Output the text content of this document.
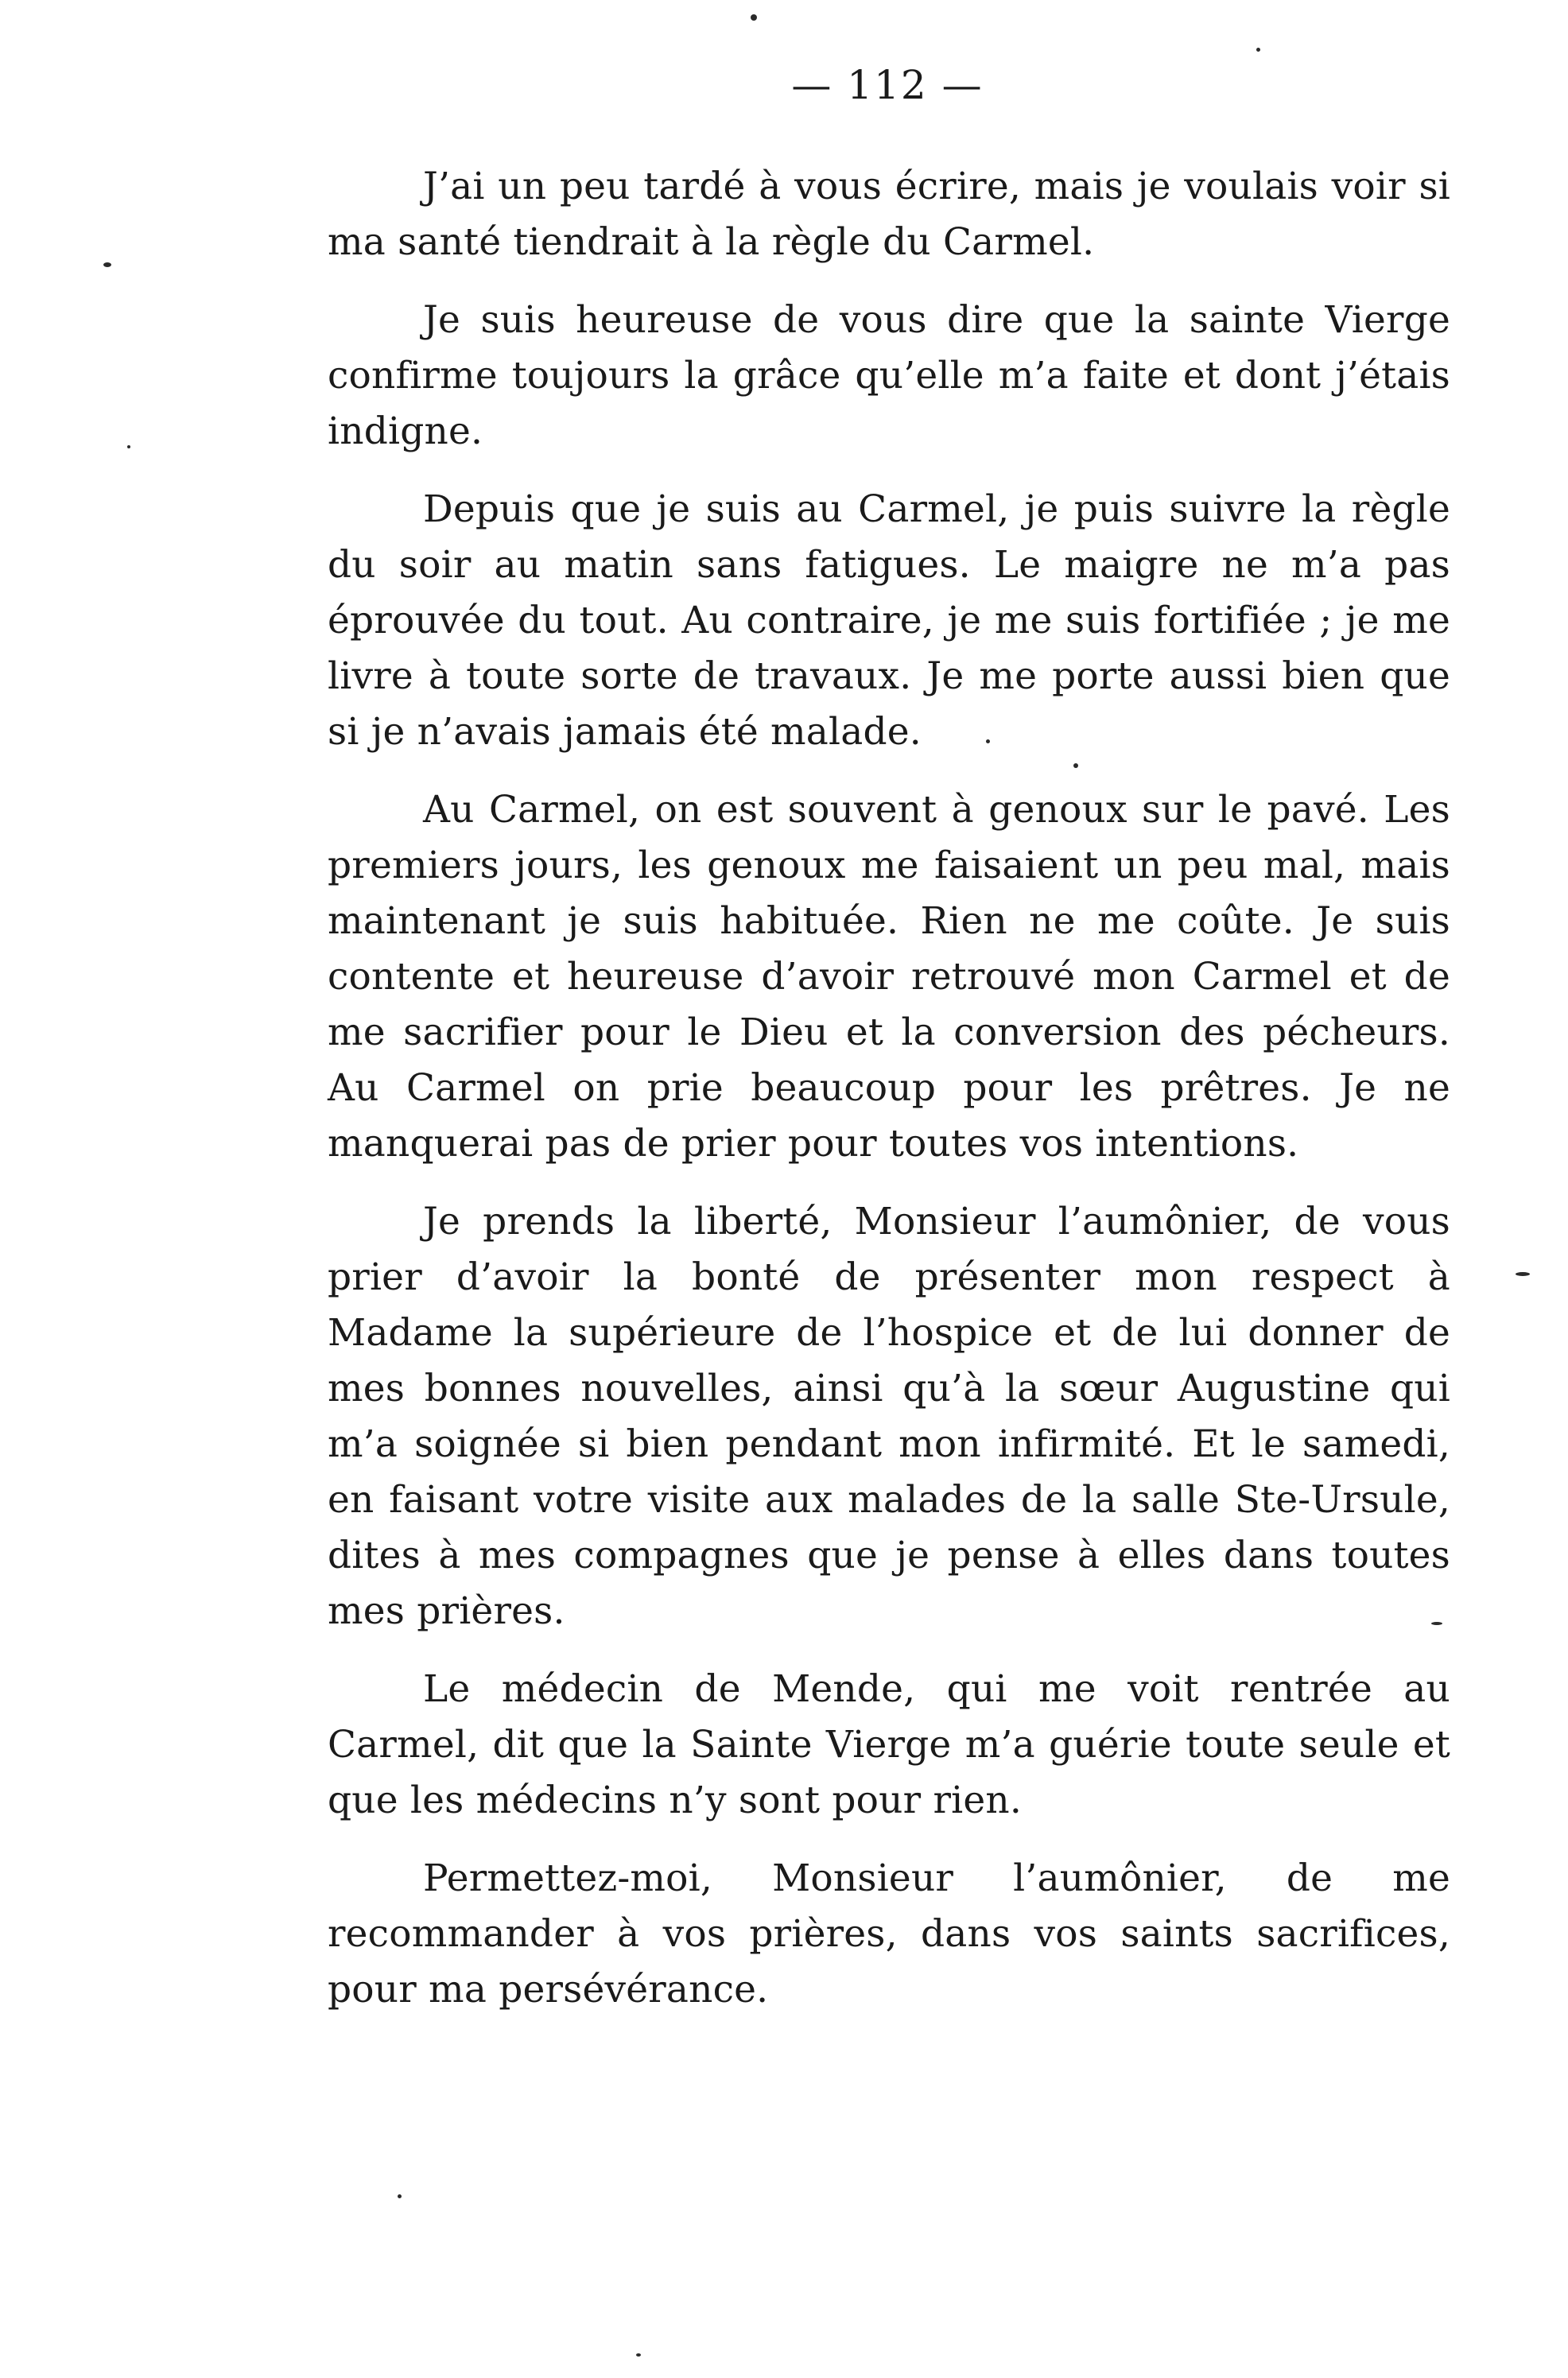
— 112 —

J’ai un peu tardé à vous écrire, mais je voulais voir si ma santé tiendrait à la règle du Carmel.

Je suis heureuse de vous dire que la sainte Vierge confirme toujours la grâce qu’elle m’a faite et dont j’étais indigne.

Depuis que je suis au Carmel, je puis suivre la règle du soir au matin sans fatigues. Le maigre ne m’a pas éprouvée du tout. Au contraire, je me suis fortifiée ; je me livre à toute sorte de travaux. Je me porte aussi bien que si je n’avais jamais été malade.

Au Carmel, on est souvent à genoux sur le pavé. Les premiers jours, les genoux me faisaient un peu mal, mais maintenant je suis habituée. Rien ne me coûte. Je suis contente et heureuse d’avoir retrouvé mon Carmel et de me sacrifier pour le Dieu et la conversion des pécheurs. Au Carmel on prie beaucoup pour les prêtres. Je ne manquerai pas de prier pour toutes vos intentions.

Je prends la liberté, Monsieur l’aumônier, de vous prier d’avoir la bonté de présenter mon respect à Madame la supérieure de l’hospice et de lui donner de mes bonnes nouvelles, ainsi qu’à la sœur Augustine qui m’a soignée si bien pendant mon infirmité. Et le samedi, en faisant votre visite aux malades de la salle Ste-Ursule, dites à mes compagnes que je pense à elles dans toutes mes prières.

Le médecin de Mende, qui me voit rentrée au Carmel, dit que la Sainte Vierge m’a guérie toute seule et que les médecins n’y sont pour rien.

Permettez-moi, Monsieur l’aumônier, de me recommander à vos prières, dans vos saints sacrifices, pour ma persévérance.
